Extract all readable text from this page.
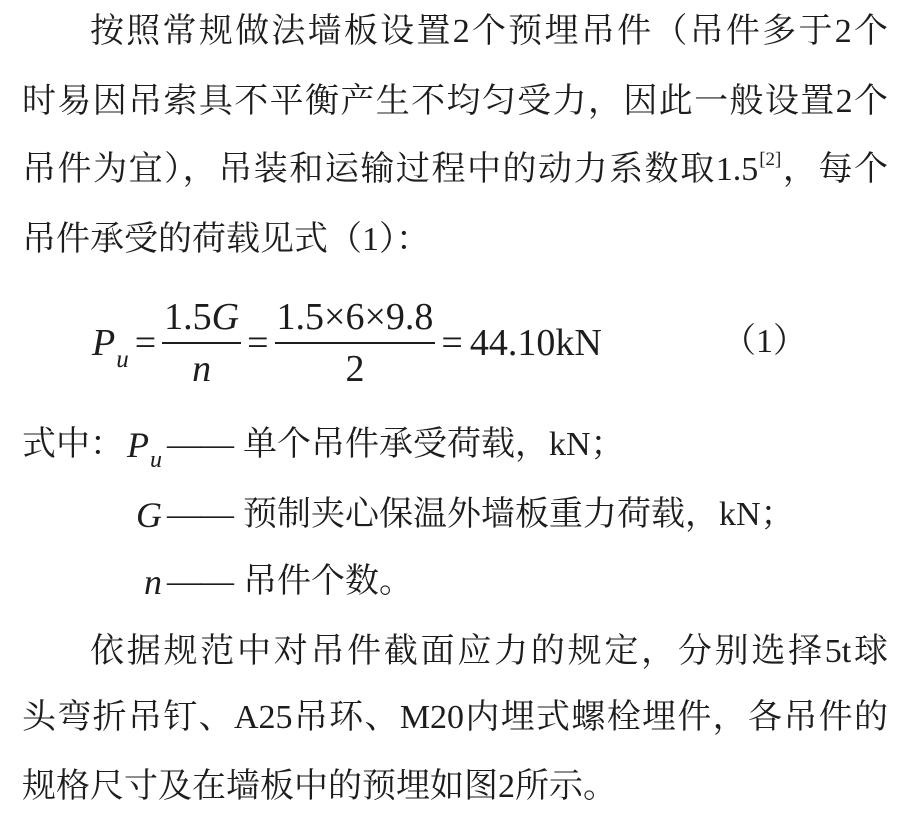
按照常规做法墙板设置2个预埋吊件（吊件多于2个

时易因吊索具不平衡产生不均匀受力，因此一般设置2个

吊件为宜），吊装和运输过程中的动力系数取1.5[2]，每个

吊件承受的荷载见式（1）：

$P_u = \frac{1.5G}{n} = \frac{1.5\times 6\times 9.8}{2} = 44.10kN$	（1）
式中： $P_u$ —— 单个吊件承受荷载，kN；
G —— 预制夹心保温外墙板重力荷载，kN；
n —— 吊件个数。

依据规范中对吊件截面应力的规定，分别选择5t球

头弯折吊钉、A25吊环、M20内埋式螺栓埋件，各吊件的

规格尺寸及在墙板中的预埋如图2所示。
